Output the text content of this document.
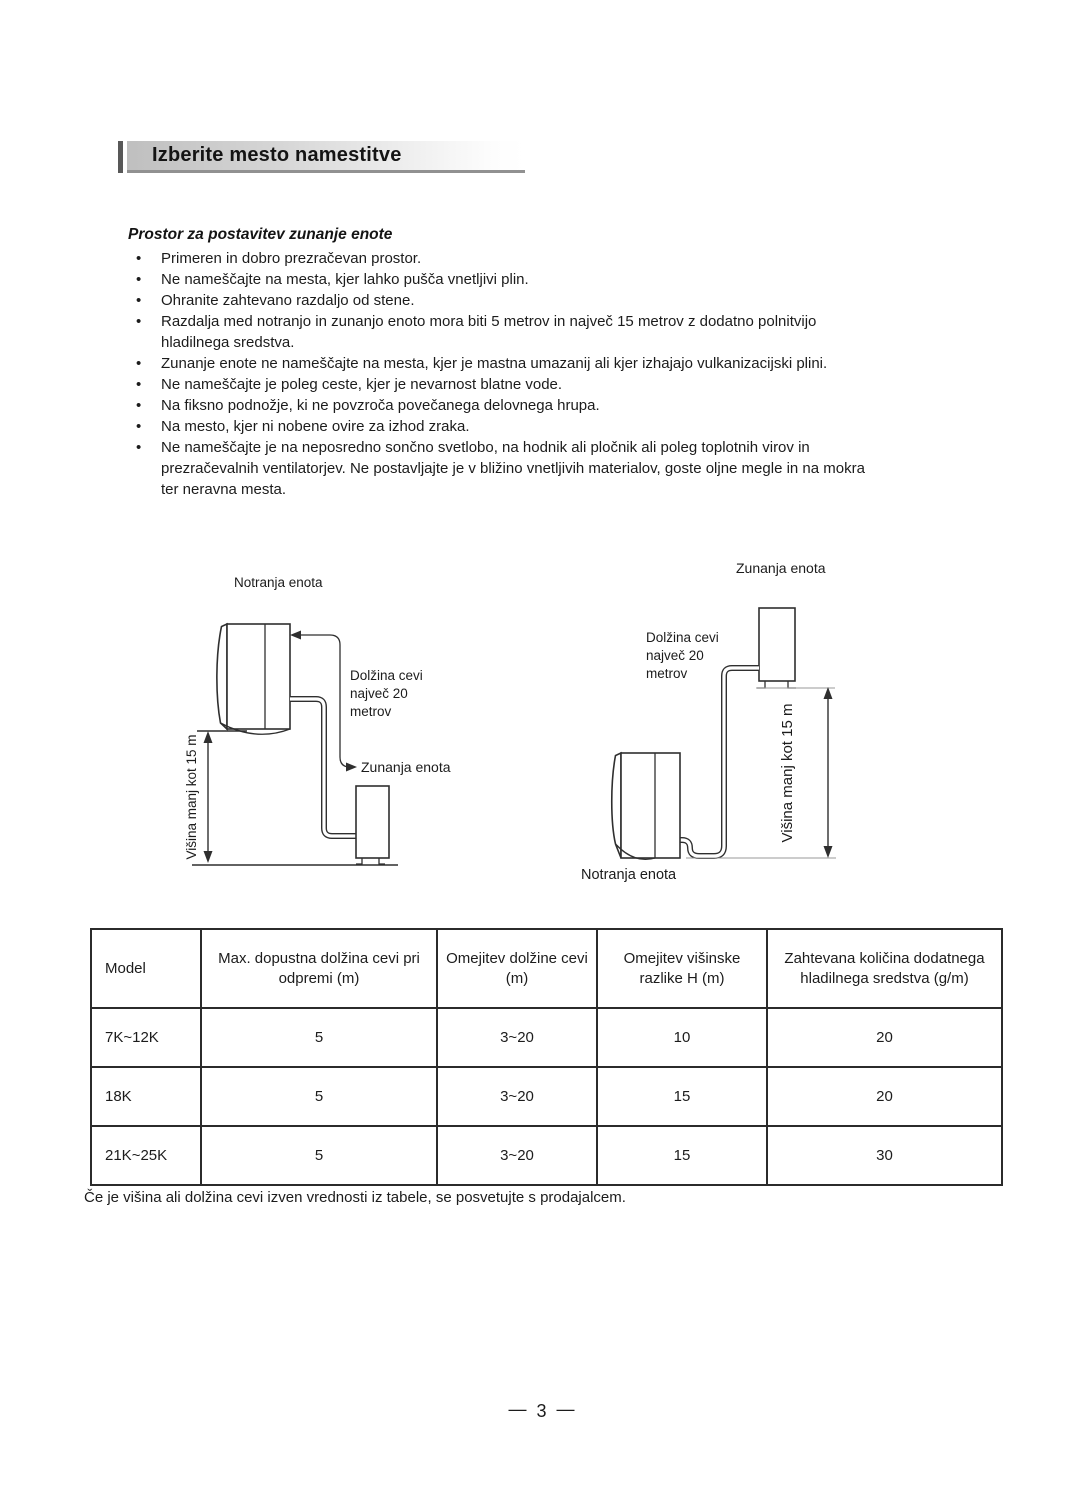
Izberite mesto namestitve
Prostor za postavitev zunanje enote
• Primeren in dobro prezračevan prostor.
• Ne nameščajte na mesta, kjer lahko pušča vnetljivi plin.
• Ohranite zahtevano razdaljo od stene.
• Razdalja med notranjo in zunanjo enoto mora biti 5 metrov in največ 15 metrov z dodatno polnitvijo hladilnega sredstva.
• Zunanje enote ne nameščajte na mesta, kjer je mastna umazanij ali kjer izhajajo vulkanizacijski plini.
• Ne nameščajte je poleg ceste, kjer je nevarnost blatne vode.
• Na fiksno podnožje, ki ne povzroča povečanega delovnega hrupa.
• Na mesto, kjer ni nobene ovire za izhod zraka.
• Ne nameščajte je na neposredno sončno svetlobo, na hodnik ali pločnik ali poleg toplotnih virov in prezračevalnih ventilatorjev. Ne postavljajte je v bližino vnetljivih materialov, goste oljne megle in na mokra ter neravna mesta.
Notranja enota
Dolžina cevi
največ 20
metrov
Zunanja enota
Višina manj kot 15 m
Zunanja enota
Dolžina cevi
največ 20
metrov
Notranja enota
Višina manj kot 15 m
Model	Max. dopustna dolžina cevi pri odpremi (m)	Omejitev dolžine cevi (m)	Omejitev višinske razlike H (m)	Zahtevana količina dodatnega hladilnega sredstva (g/m)
7K~12K	5	3~20	10	20
18K	5	3~20	15	20
21K~25K	5	3~20	15	30
Če je višina ali dolžina cevi izven vrednosti iz tabele, se posvetujte s prodajalcem.
— 3 —
